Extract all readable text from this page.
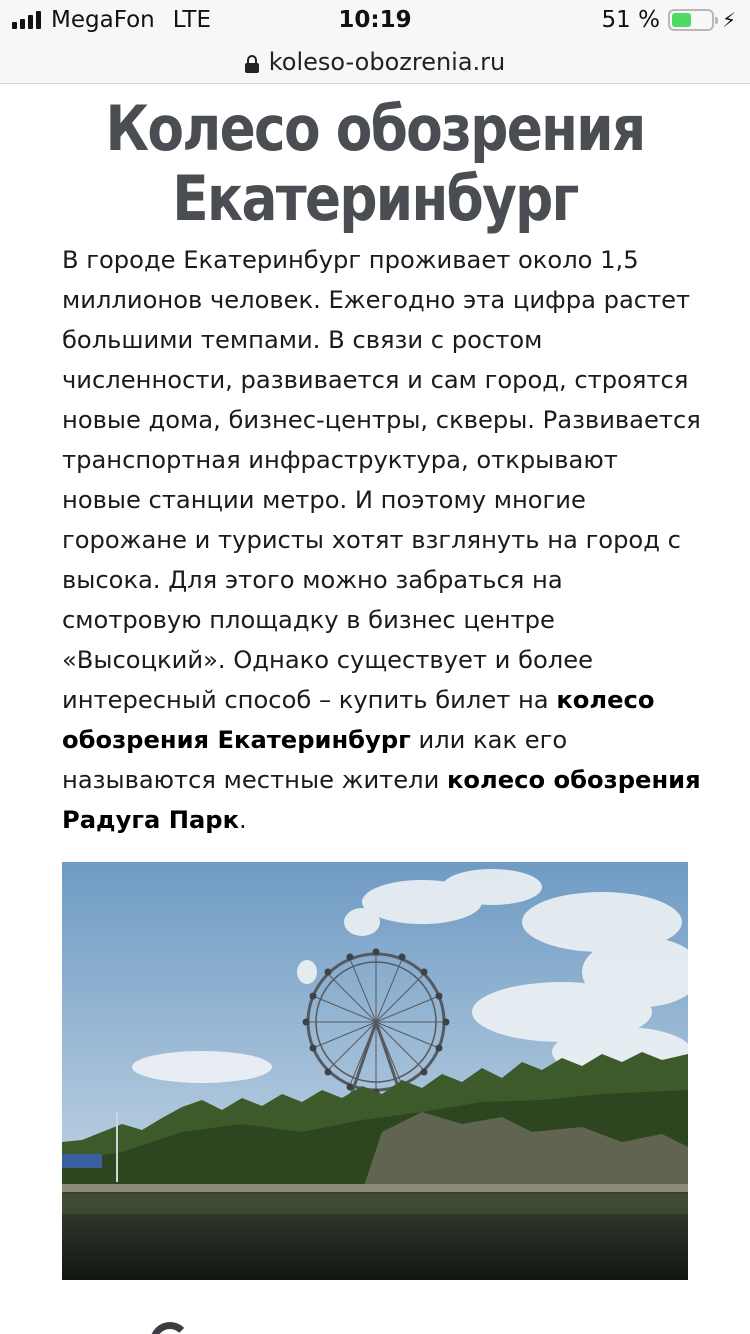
MegaFon LTE	10:19	51 %	⚡
koleso-obozrenia.ru
Колесо обозрения Екатеринбург

В городе Екатеринбург проживает около 1,5 миллионов человек. Ежегодно эта цифра растет большими темпами. В связи с ростом численности, развивается и сам город, строятся новые дома, бизнес-центры, скверы. Развивается транспортная инфраструктура, открывают новые станции метро. И поэтому многие горожане и туристы хотят взглянуть на город с высока. Для этого можно забраться на смотровую площадку в бизнес центре «Высоцкий». Однако существует и более интересный способ – купить билет на колесо обозрения Екатеринбург или как его называются местные жители колесо обозрения Радуга Парк.
